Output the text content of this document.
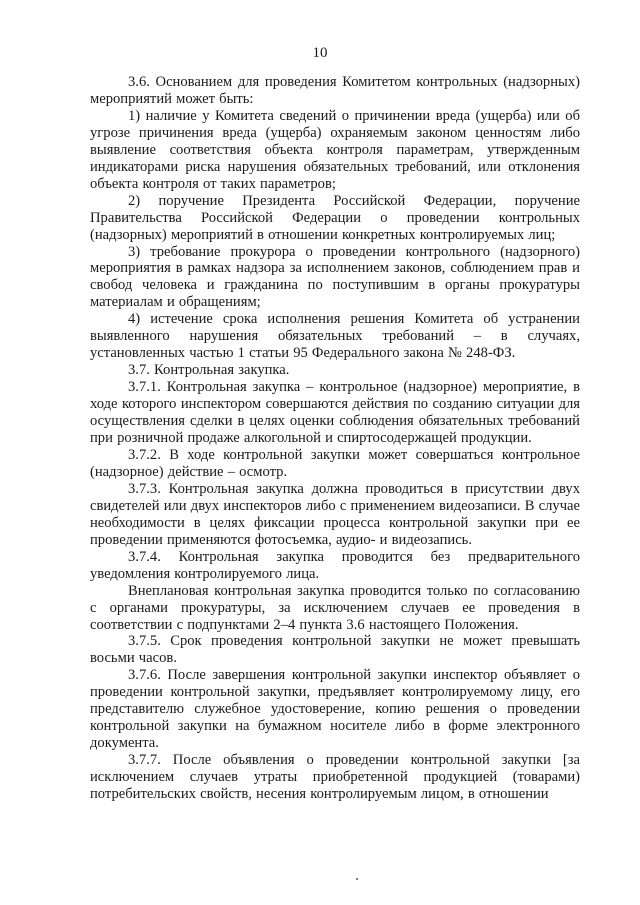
10

3.6. Основанием для проведения Комитетом контрольных (надзорных) мероприятий может быть:

1) наличие у Комитета сведений о причинении вреда (ущерба) или об угрозе причинения вреда (ущерба) охраняемым законом ценностям либо выявление соответствия объекта контроля параметрам, утвержденным индикаторами риска нарушения обязательных требований, или отклонения объекта контроля от таких параметров;

2) поручение Президента Российской Федерации, поручение Правительства Российской Федерации о проведении контрольных (надзорных) мероприятий в отношении конкретных контролируемых лиц;

3) требование прокурора о проведении контрольного (надзорного) мероприятия в рамках надзора за исполнением законов, соблюдением прав и свобод человека и гражданина по поступившим в органы прокуратуры материалам и обращениям;

4) истечение срока исполнения решения Комитета об устранении выявленного нарушения обязательных требований – в случаях, установленных частью 1 статьи 95 Федерального закона № 248-ФЗ.

3.7. Контрольная закупка.

3.7.1. Контрольная закупка – контрольное (надзорное) мероприятие, в ходе которого инспектором совершаются действия по созданию ситуации для осуществления сделки в целях оценки соблюдения обязательных требований при розничной продаже алкогольной и спиртосодержащей продукции.

3.7.2. В ходе контрольной закупки может совершаться контрольное (надзорное) действие – осмотр.

3.7.3. Контрольная закупка должна проводиться в присутствии двух свидетелей или двух инспекторов либо с применением видеозаписи. В случае необходимости в целях фиксации процесса контрольной закупки при ее проведении применяются фотосъемка, аудио- и видеозапись.

3.7.4. Контрольная закупка проводится без предварительного уведомления контролируемого лица.

Внеплановая контрольная закупка проводится только по согласованию с органами прокуратуры, за исключением случаев ее проведения в соответствии с подпунктами 2–4 пункта 3.6 настоящего Положения.

3.7.5. Срок проведения контрольной закупки не может превышать восьми часов.

3.7.6. После завершения контрольной закупки инспектор объявляет о проведении контрольной закупки, предъявляет контролируемому лицу, его представителю служебное удостоверение, копию решения о проведении контрольной закупки на бумажном носителе либо в форме электронного документа.

3.7.7. После объявления о проведении контрольной закупки [за исключением случаев утраты приобретенной продукцией (товарами) потребительских свойств, несения контролируемым лицом, в отношении
